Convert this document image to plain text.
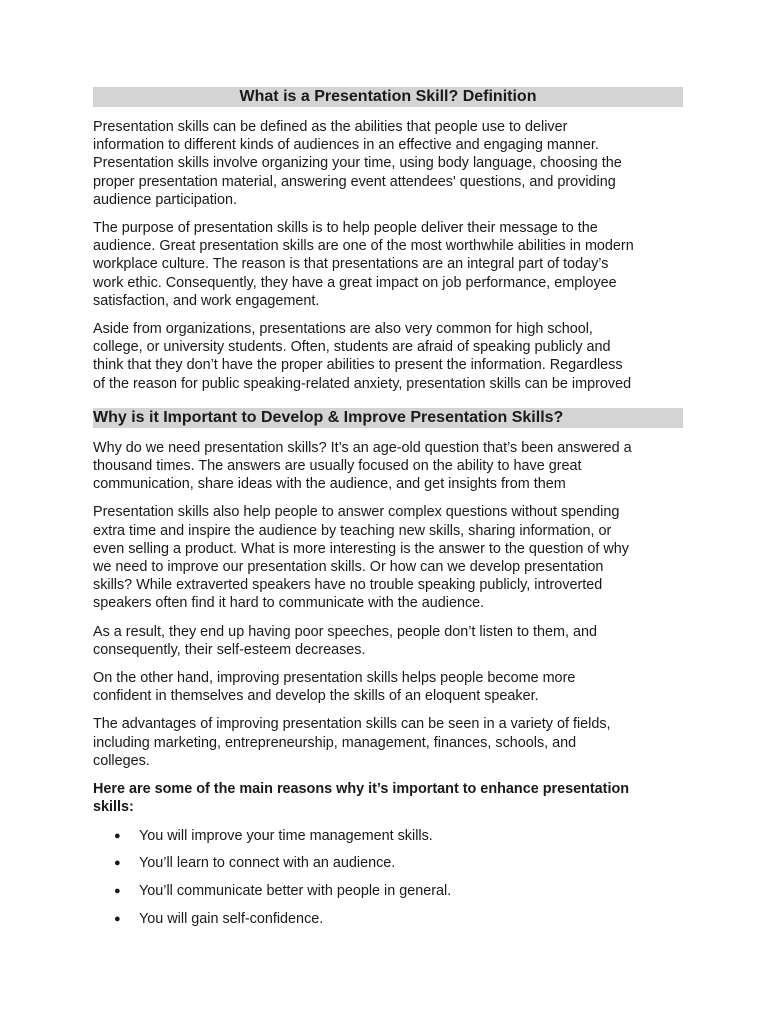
What is a Presentation Skill? Definition

Presentation skills can be defined as the abilities that people use to deliver
information to different kinds of audiences in an effective and engaging manner.
Presentation skills involve organizing your time, using body language, choosing the
proper presentation material, answering event attendees' questions, and providing
audience participation.

The purpose of presentation skills is to help people deliver their message to the
audience. Great presentation skills are one of the most worthwhile abilities in modern
workplace culture. The reason is that presentations are an integral part of today’s
work ethic. Consequently, they have a great impact on job performance, employee
satisfaction, and work engagement.

Aside from organizations, presentations are also very common for high school,
college, or university students. Often, students are afraid of speaking publicly and
think that they don’t have the proper abilities to present the information. Regardless
of the reason for public speaking-related anxiety, presentation skills can be improved

Why is it Important to Develop & Improve Presentation Skills?

Why do we need presentation skills? It’s an age-old question that’s been answered a
thousand times. The answers are usually focused on the ability to have great
communication, share ideas with the audience, and get insights from them

Presentation skills also help people to answer complex questions without spending
extra time and inspire the audience by teaching new skills, sharing information, or
even selling a product. What is more interesting is the answer to the question of why
we need to improve our presentation skills. Or how can we develop presentation
skills? While extraverted speakers have no trouble speaking publicly, introverted
speakers often find it hard to communicate with the audience.

As a result, they end up having poor speeches, people don’t listen to them, and
consequently, their self-esteem decreases.

On the other hand, improving presentation skills helps people become more
confident in themselves and develop the skills of an eloquent speaker.

The advantages of improving presentation skills can be seen in a variety of fields,
including marketing, entrepreneurship, management, finances, schools, and
colleges.

Here are some of the main reasons why it’s important to enhance presentation
skills:

● You will improve your time management skills.
● You’ll learn to connect with an audience.
● You’ll communicate better with people in general.
● You will gain self-confidence.
